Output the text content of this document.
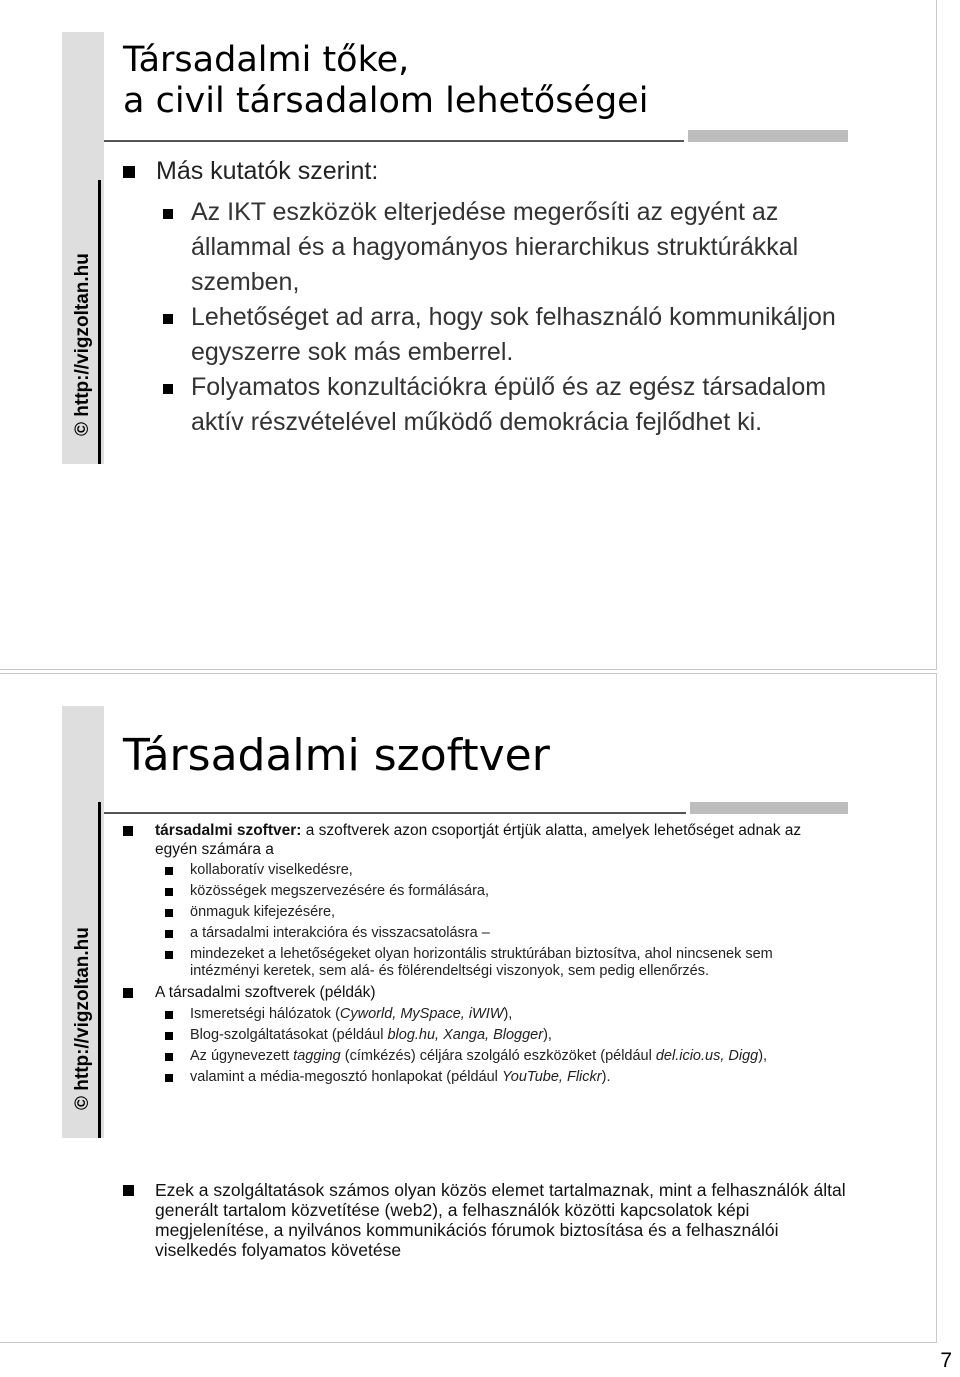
© http://vigzoltan.hu
Társadalmi tőke,
a civil társadalom lehetőségei
Más kutatók szerint:
Az IKT eszközök elterjedése megerősíti az egyént az állammal és a hagyományos hierarchikus struktúrákkal szemben,
Lehetőséget ad arra, hogy sok felhasználó kommunikáljon egyszerre sok más emberrel.
Folyamatos konzultációkra épülő és az egész társadalom aktív részvételével működő demokrácia fejlődhet ki.
© http://vigzoltan.hu
Társadalmi szoftver
társadalmi szoftver: a szoftverek azon csoportját értjük alatta, amelyek lehetőséget adnak az egyén számára a
kollaboratív viselkedésre,
közösségek megszervezésére és formálására,
önmaguk kifejezésére,
a társadalmi interakcióra és visszacsatolásra –
mindezeket a lehetőségeket olyan horizontális struktúrában biztosítva, ahol nincsenek sem intézményi keretek, sem alá- és fölérendeltségi viszonyok, sem pedig ellenőrzés.
A társadalmi szoftverek (példák)
Ismeretségi hálózatok (Cyworld, MySpace, iWIW),
Blog-szolgáltatásokat (például blog.hu, Xanga, Blogger),
Az úgynevezett tagging (címkézés) céljára szolgáló eszközöket (például del.icio.us, Digg),
valamint a média-megosztó honlapokat (például YouTube, Flickr).
Ezek a szolgáltatások számos olyan közös elemet tartalmaznak, mint a felhasználók által generált tartalom közvetítése (web2), a felhasználók közötti kapcsolatok képi megjelenítése, a nyilvános kommunikációs fórumok biztosítása és a felhasználói viselkedés folyamatos követése
7
